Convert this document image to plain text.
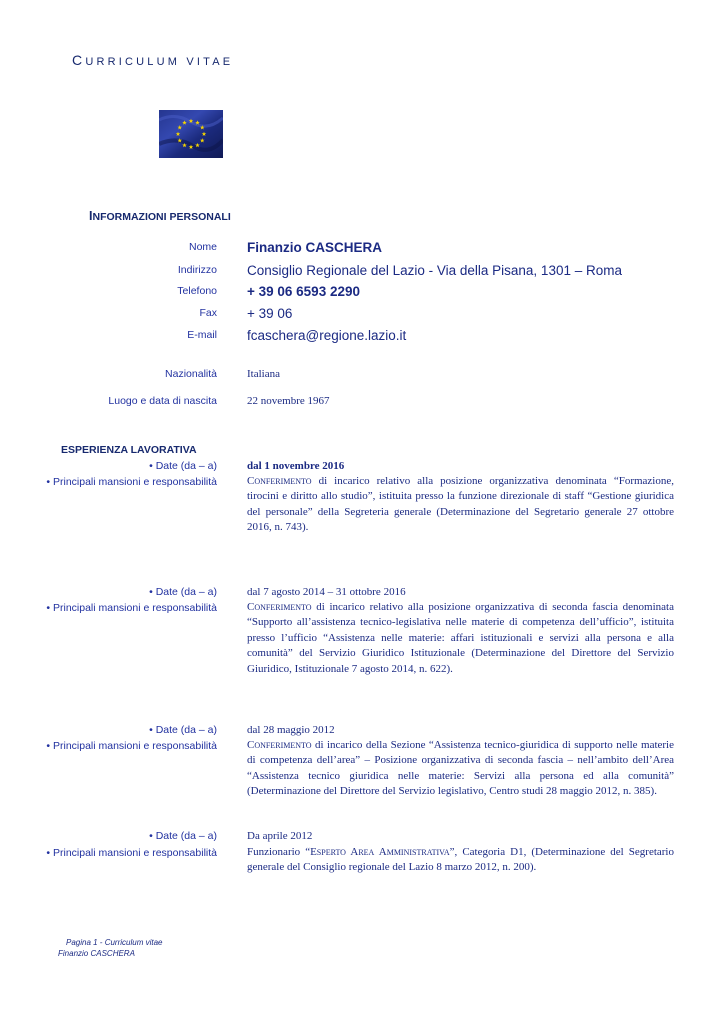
CURRICULUM VITAE
INFORMAZIONI PERSONALI
Nome Finanzio CASCHERA
Indirizzo Consiglio Regionale del Lazio - Via della Pisana, 1301 – Roma
Telefono + 39 06 6593 2290
Fax + 39 06
E-mail fcaschera@regione.lazio.it
Nazionalità	Italiana
Luogo e data di nascita	22 novembre 1967
ESPERIENZA LAVORATIVA
• Date (da – a)	dal 1 novembre 2016
• Principali mansioni e responsabilità	Conferimento di incarico relativo alla posizione organizzativa denominata “Formazione, tirocini e diritto allo studio”, istituita presso la funzione direzionale di staff “Gestione giuridica del personale” della Segreteria generale (Determinazione del Segretario generale 27 ottobre 2016, n. 743).
• Date (da – a)	dal 7 agosto 2014 – 31 ottobre 2016
• Principali mansioni e responsabilità	Conferimento di incarico relativo alla posizione organizzativa di seconda fascia denominata “Supporto all’assistenza tecnico-legislativa nelle materie di competenza dell’ufficio”, istituita presso l’ufficio “Assistenza nelle materie: affari istituzionali e servizi alla persona e alla comunità” del Servizio Giuridico Istituzionale (Determinazione del Direttore del Servizio Giuridico, Istituzionale 7 agosto 2014, n. 622).
• Date (da – a)	dal 28 maggio 2012
• Principali mansioni e responsabilità	Conferimento di incarico della Sezione “Assistenza tecnico-giuridica di supporto nelle materie di competenza dell’area” – Posizione organizzativa di seconda fascia – nell’ambito dell’Area “Assistenza tecnico giuridica nelle materie: Servizi alla persona ed alla comunità” (Determinazione del Direttore del Servizio legislativo, Centro studi 28 maggio 2012, n. 385).
• Date (da – a)	Da aprile 2012
• Principali mansioni e responsabilità	Funzionario “Esperto Area Amministrativa”, Categoria D1, (Determinazione del Segretario generale del Consiglio regionale del Lazio 8 marzo 2012, n. 200).
Pagina 1 - Curriculum vitae
Finanzio CASCHERA
